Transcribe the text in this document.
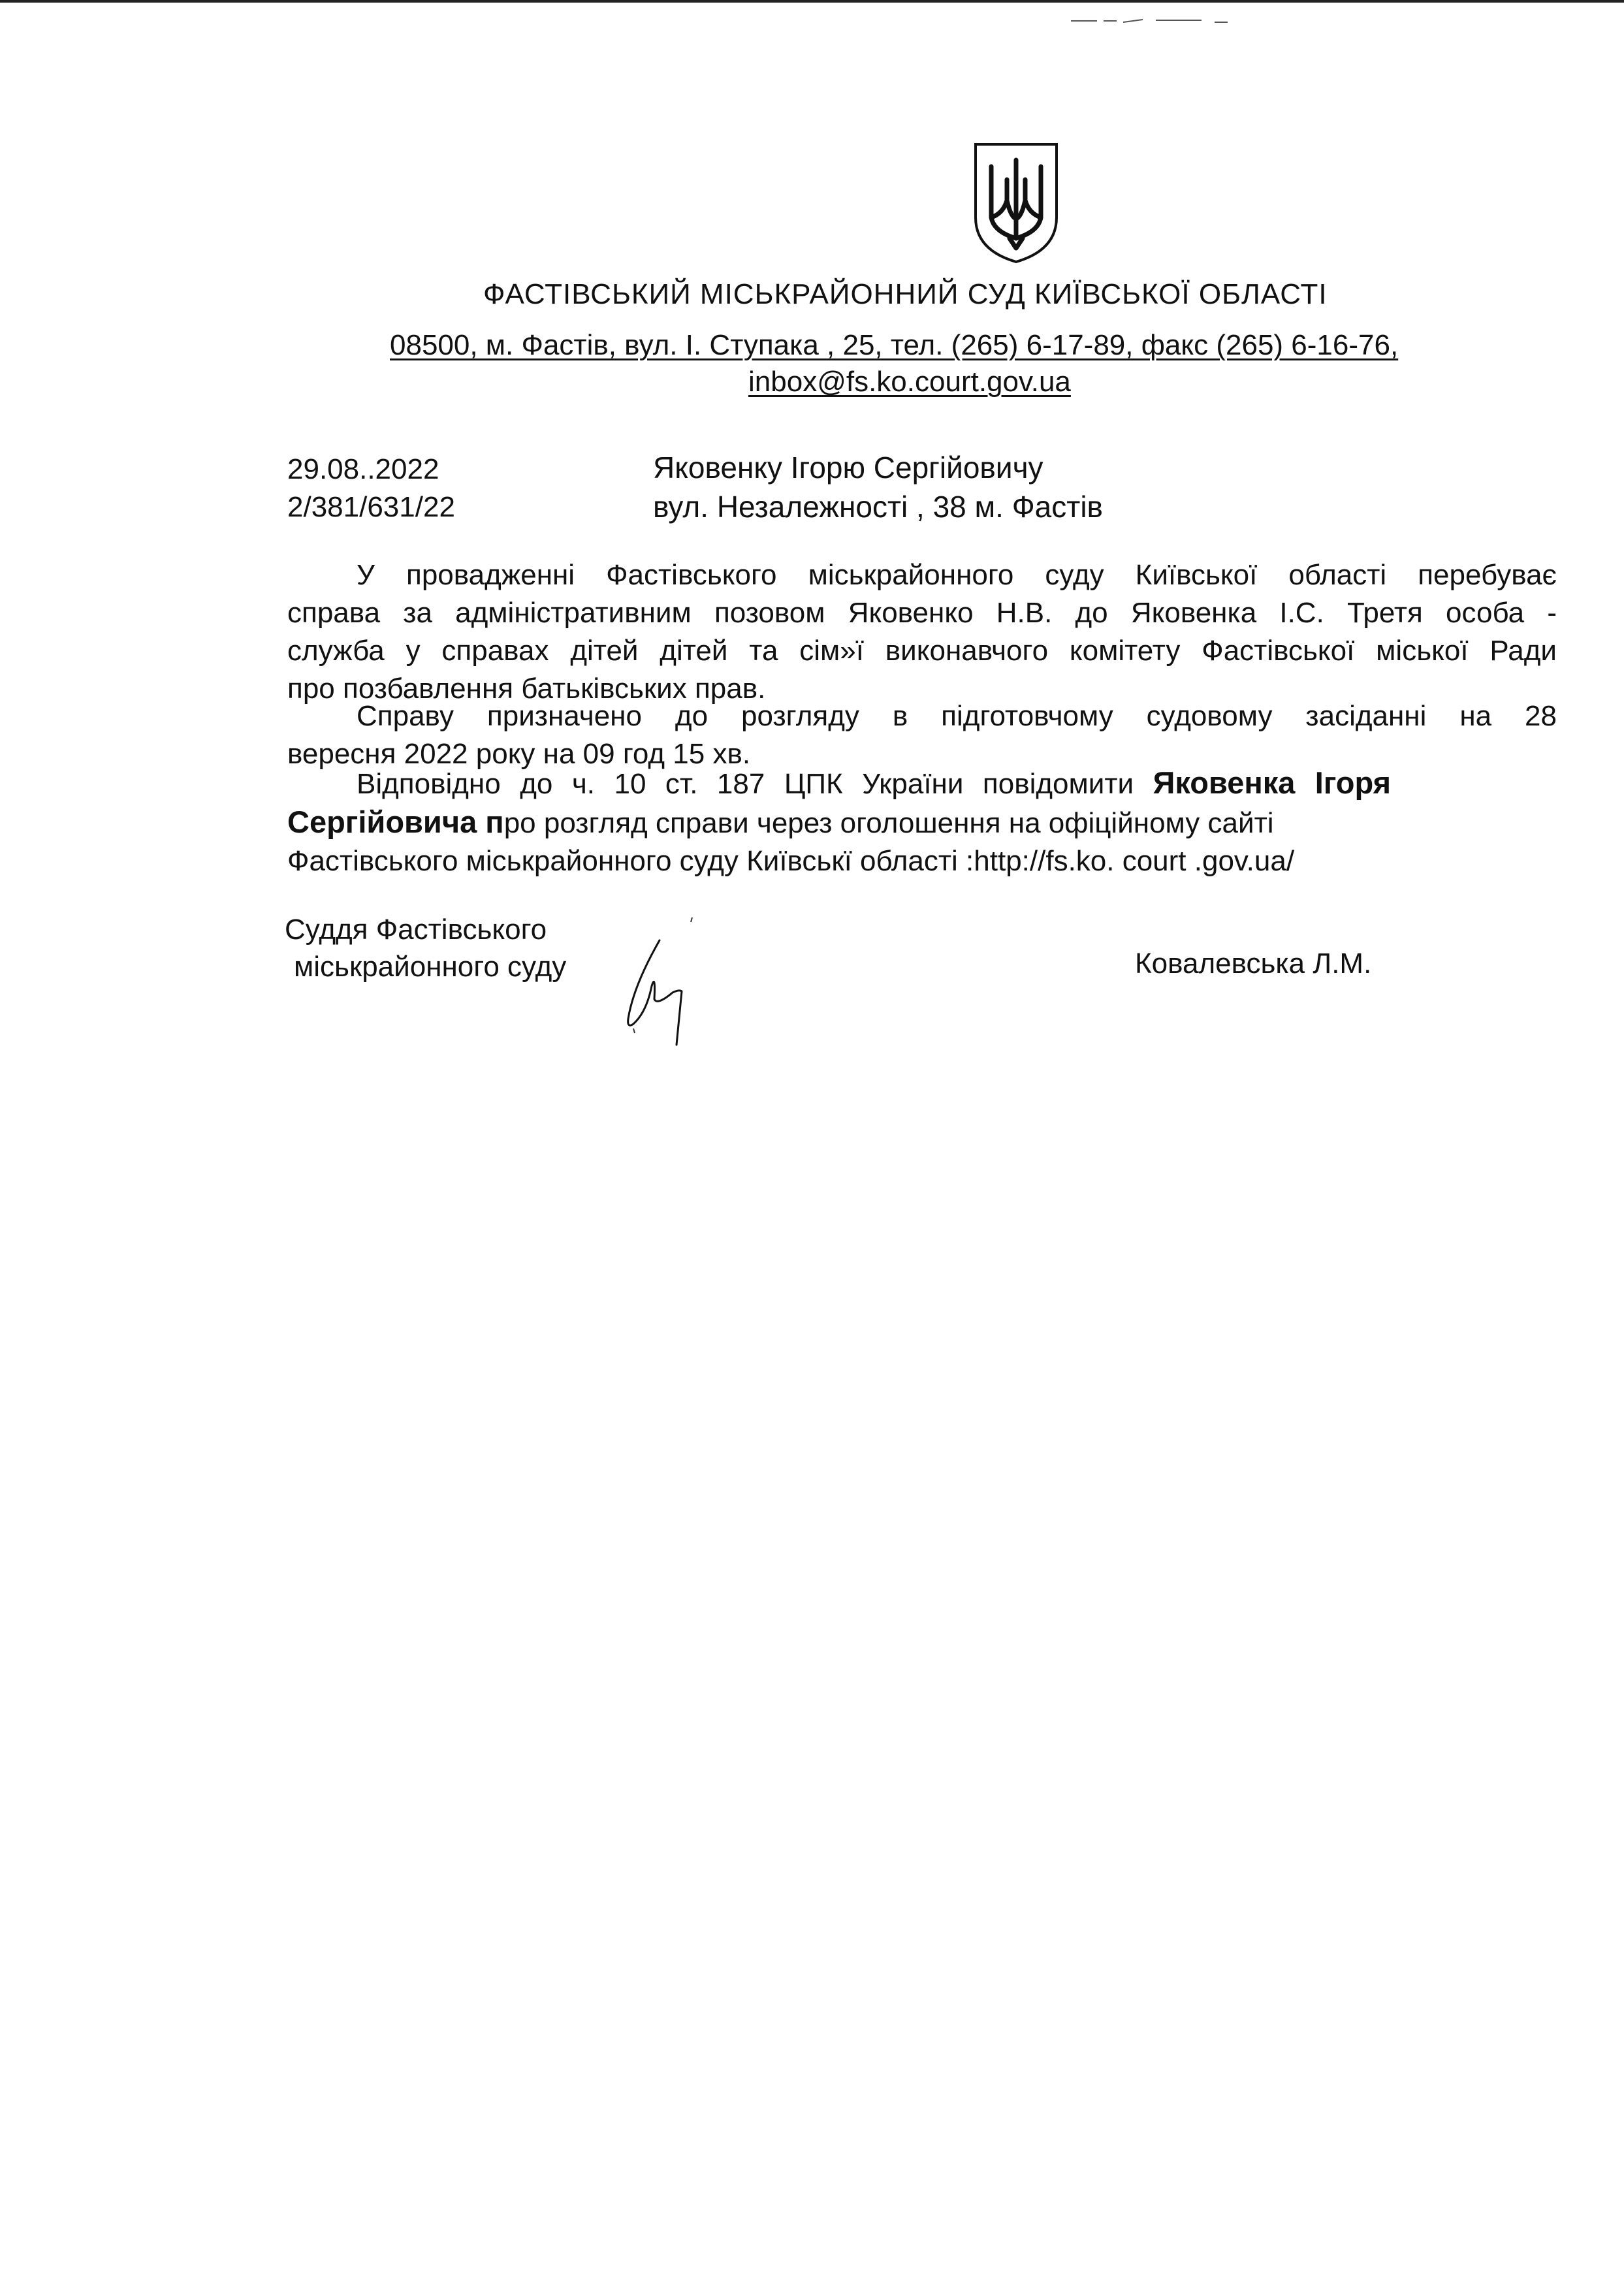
ФАСТІВСЬКИЙ МІСЬКРАЙОННИЙ СУД КИЇВСЬКОЇ ОБЛАСТІ
08500, м. Фастів, вул. І. Ступака , 25, тел. (265) 6-17-89, факс (265) 6-16-76,
inbox@fs.ko.court.gov.ua
29.08..2022
2/381/631/22
Яковенку Ігорю Сергійовичу
вул. Незалежності , 38 м. Фастів
У провадженні Фастівського міськрайонного суду Київської області перебуває
справа за адміністративним позовом Яковенко Н.В. до Яковенка І.С. Третя особа -
служба у справах дітей дітей та сім»ї виконавчого комітету Фастівської міської Ради
про позбавлення батьківських прав.
Справу призначено до розгляду в підготовчому судовому засіданні на 28
вересня 2022 року на 09 год 15 хв.
Відповідно до ч. 10 ст. 187 ЦПК України повідомити Яковенка Ігоря
Сергійовича про розгляд справи через оголошення на офіційному сайті
Фастівського міськрайонного суду Київськї області :http://fs.ko. court .gov.ua/
Суддя Фастівського
міськрайонного суду	Ковалевська Л.М.
